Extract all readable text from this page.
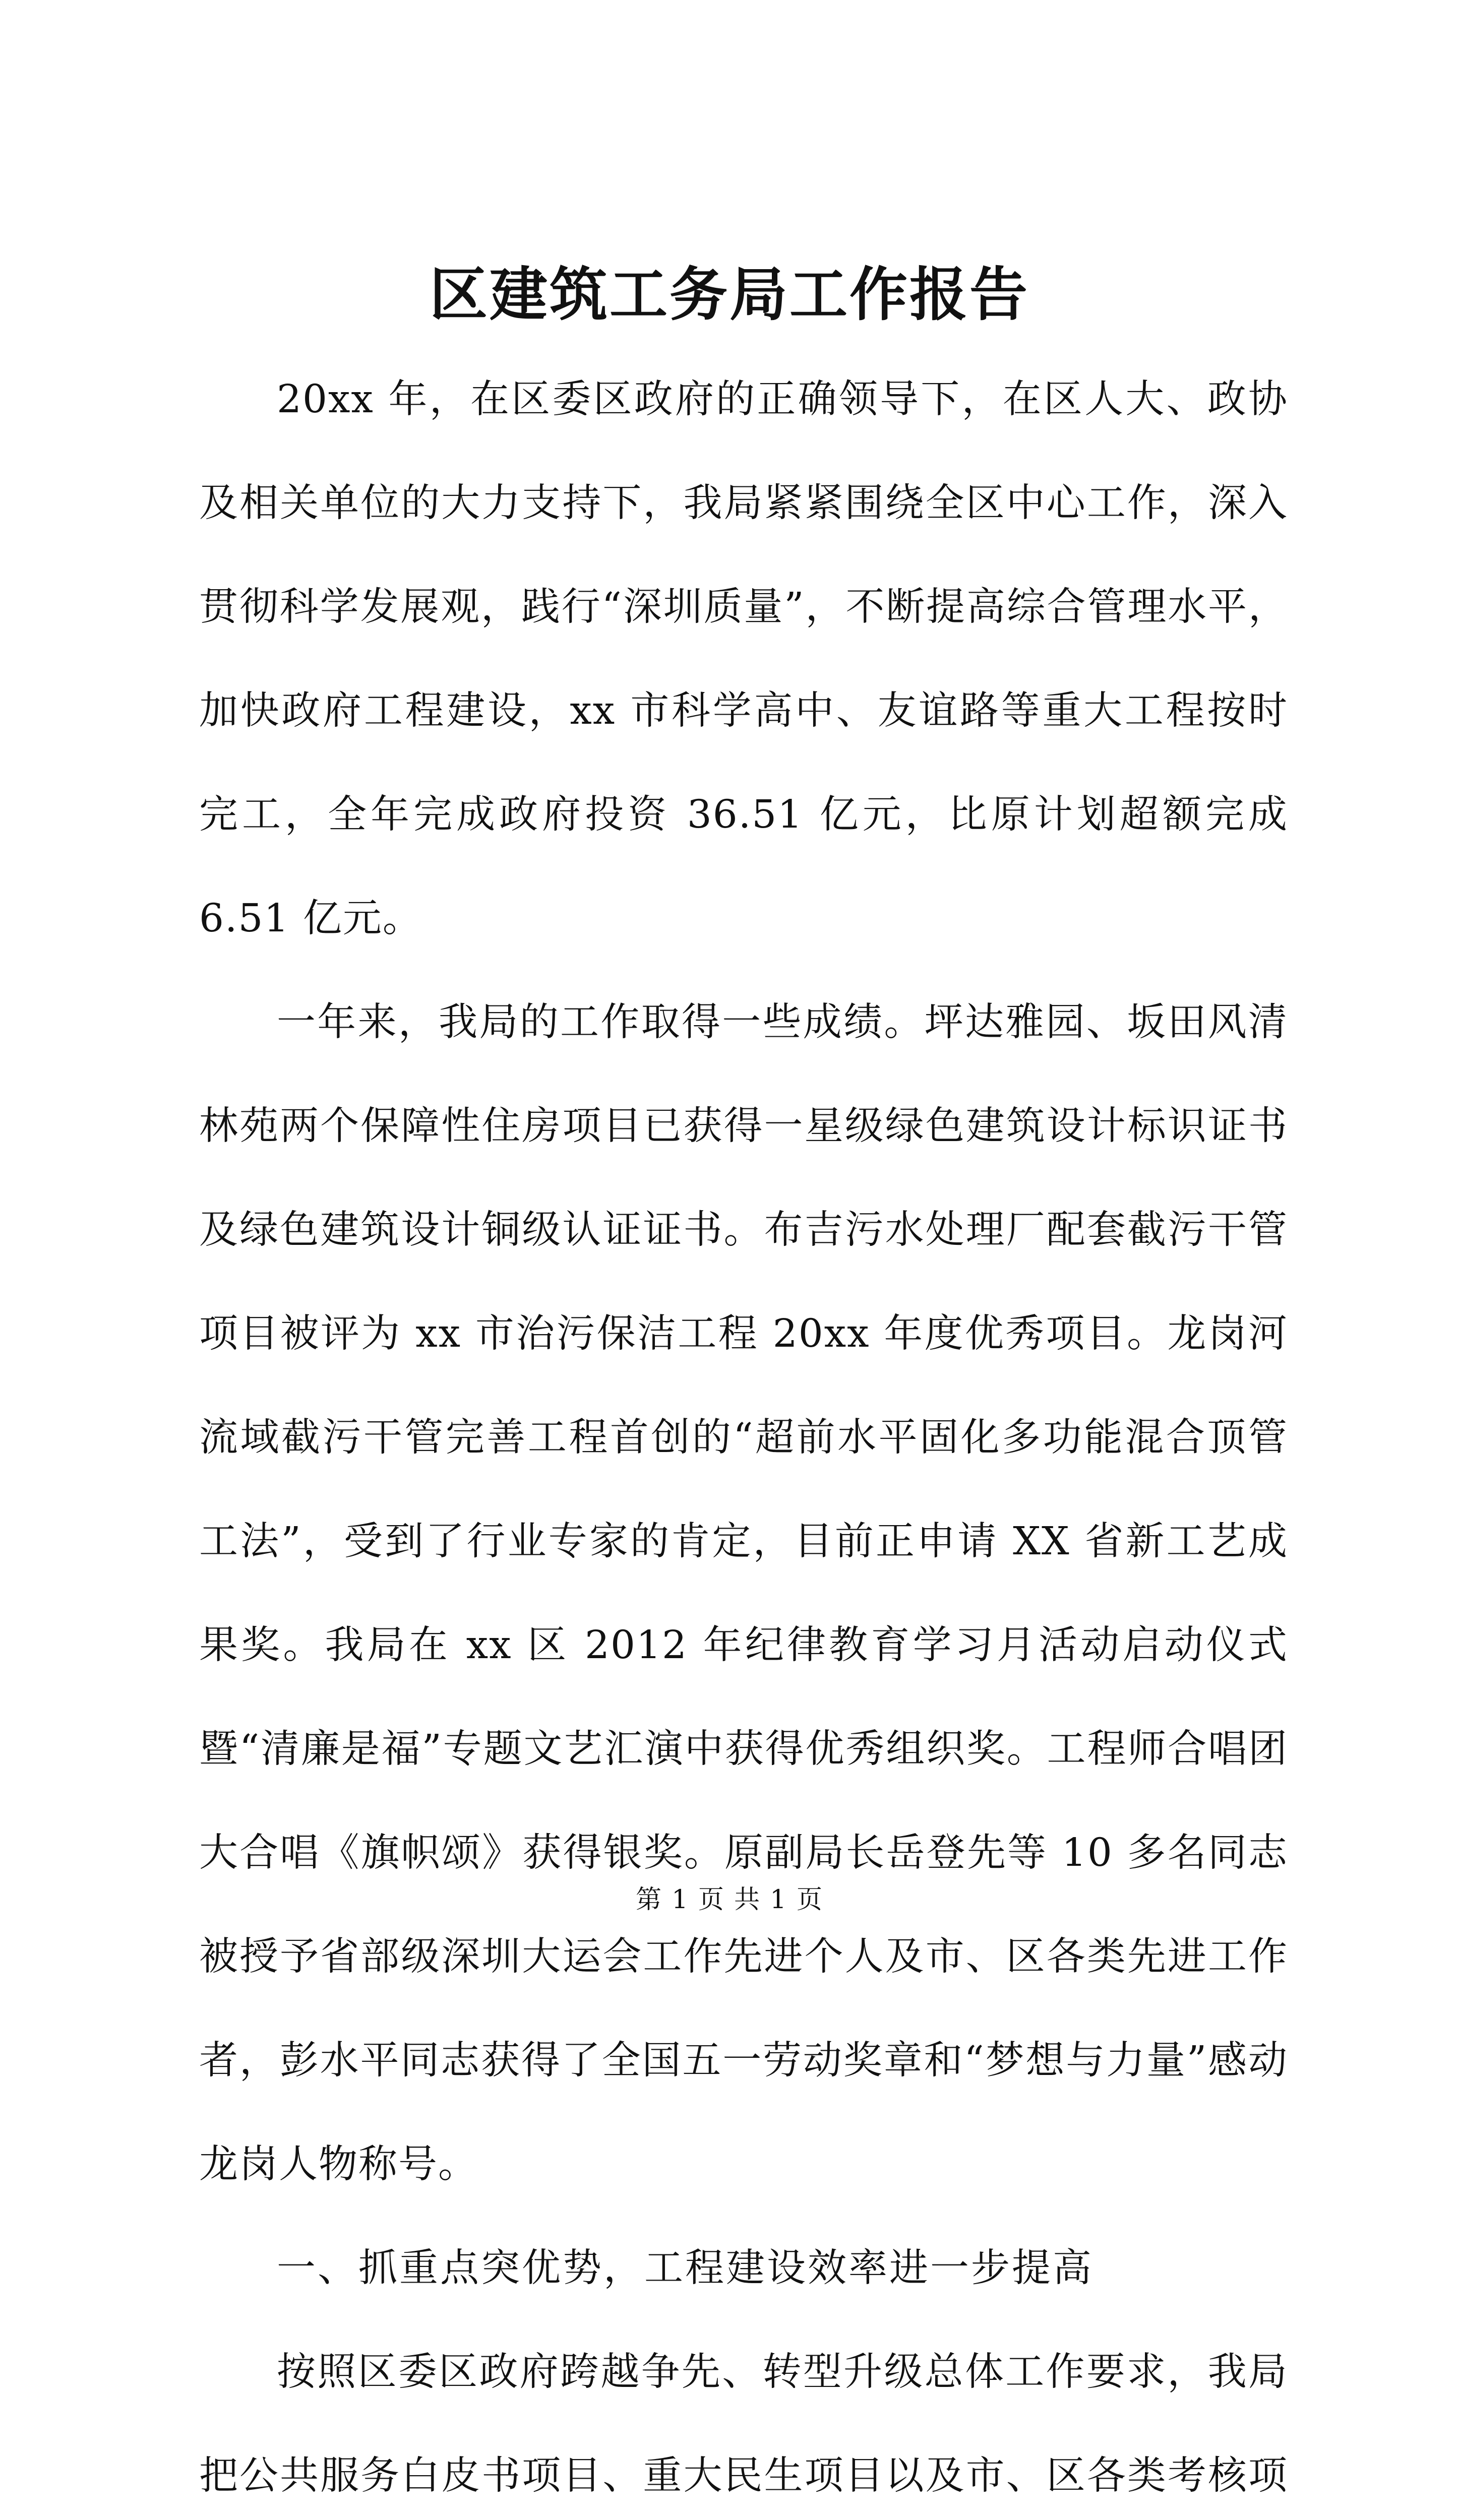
区建筑工务局工作报告

20xx 年，在区委区政府的正确领导下，在区人大、政协及相关单位的大力支持下，我局紧紧围绕全区中心工作，深入贯彻科学发展观，践行“深圳质量”，不断提高综合管理水平，加快政府工程建设，xx 市科学高中、友谊路等重大工程按时完工，全年完成政府投资 36.51 亿元，比原计划超额完成 6.51 亿元。

一年来，我局的工作取得一些成绩。坪达雅园、坂田风清林苑两个保障性住房项目已获得一星级绿色建筑设计标识证书及绿色建筑设计铜级认证证书。布吉污水处理厂配套截污干管项目被评为 xx 市治污保洁工程 20xx 年度优秀项目。龙岗河流域截污干管完善工程首创的“超前水平固化多功能混合顶管工法”，受到了行业专家的肯定，目前正申请 XX 省新工艺成果奖。我局在 xx 区 2012 年纪律教育学习月活动启动仪式暨“清廉是福”专题文艺汇演中获得优秀组织奖。工程师合唱团大合唱《旗帜颂》获得银奖。原副局长岳登先等 10 多名同志被授予省部级深圳大运会工作先进个人及市、区各类先进工作者，彭水平同志获得了全国五一劳动奖章和“梦想与力量”感动龙岗人物称号。

一、抓重点突优势，工程建设效率进一步提高

按照区委区政府跨越争先、转型升级总体工作要求，我局把公共服务白皮书项目、重大民生项目以及市、区各类考核项

第 1 页 共 1 页
